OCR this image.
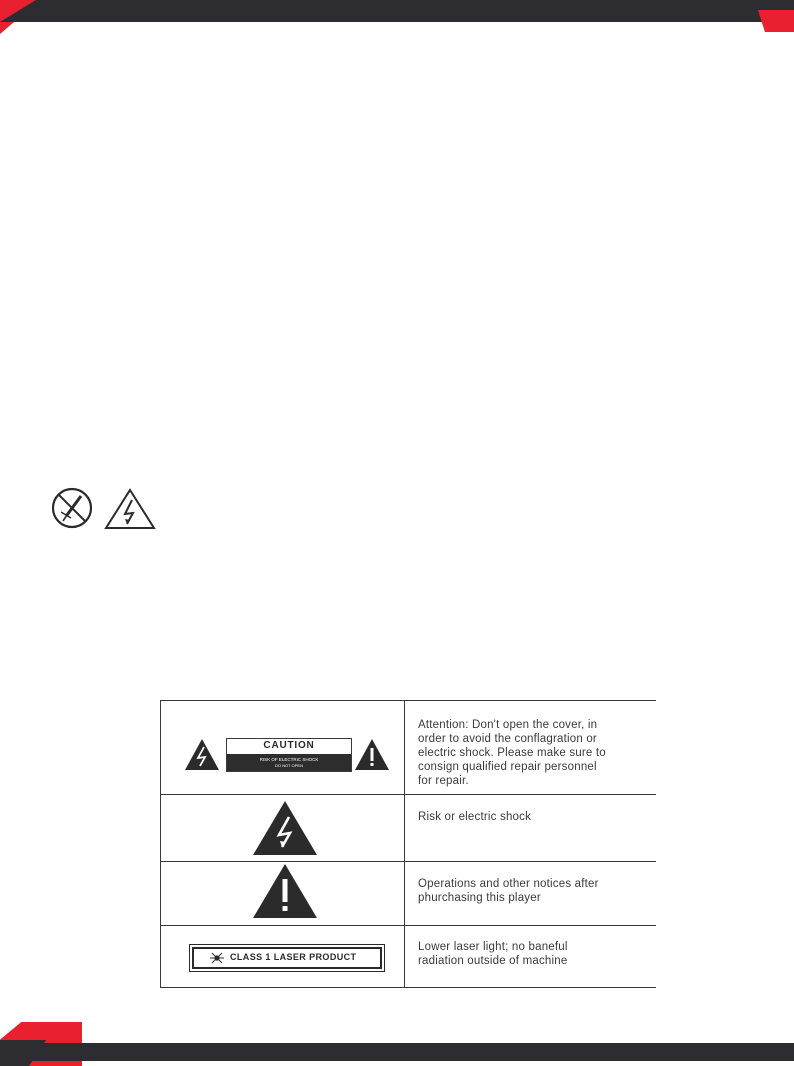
CAUTION
RISK OF ELECTRIC SHOCK
DO NOT OPEN
Attention: Don't open the cover, in
order to avoid the conflagration or
electric shock. Please make sure to
consign qualified repair personnel
for repair.
Risk or electric shock
Operations and other notices after
phurchasing this player
CLASS 1 LASER PRODUCT
Lower laser light; no baneful
radiation outside of machine
